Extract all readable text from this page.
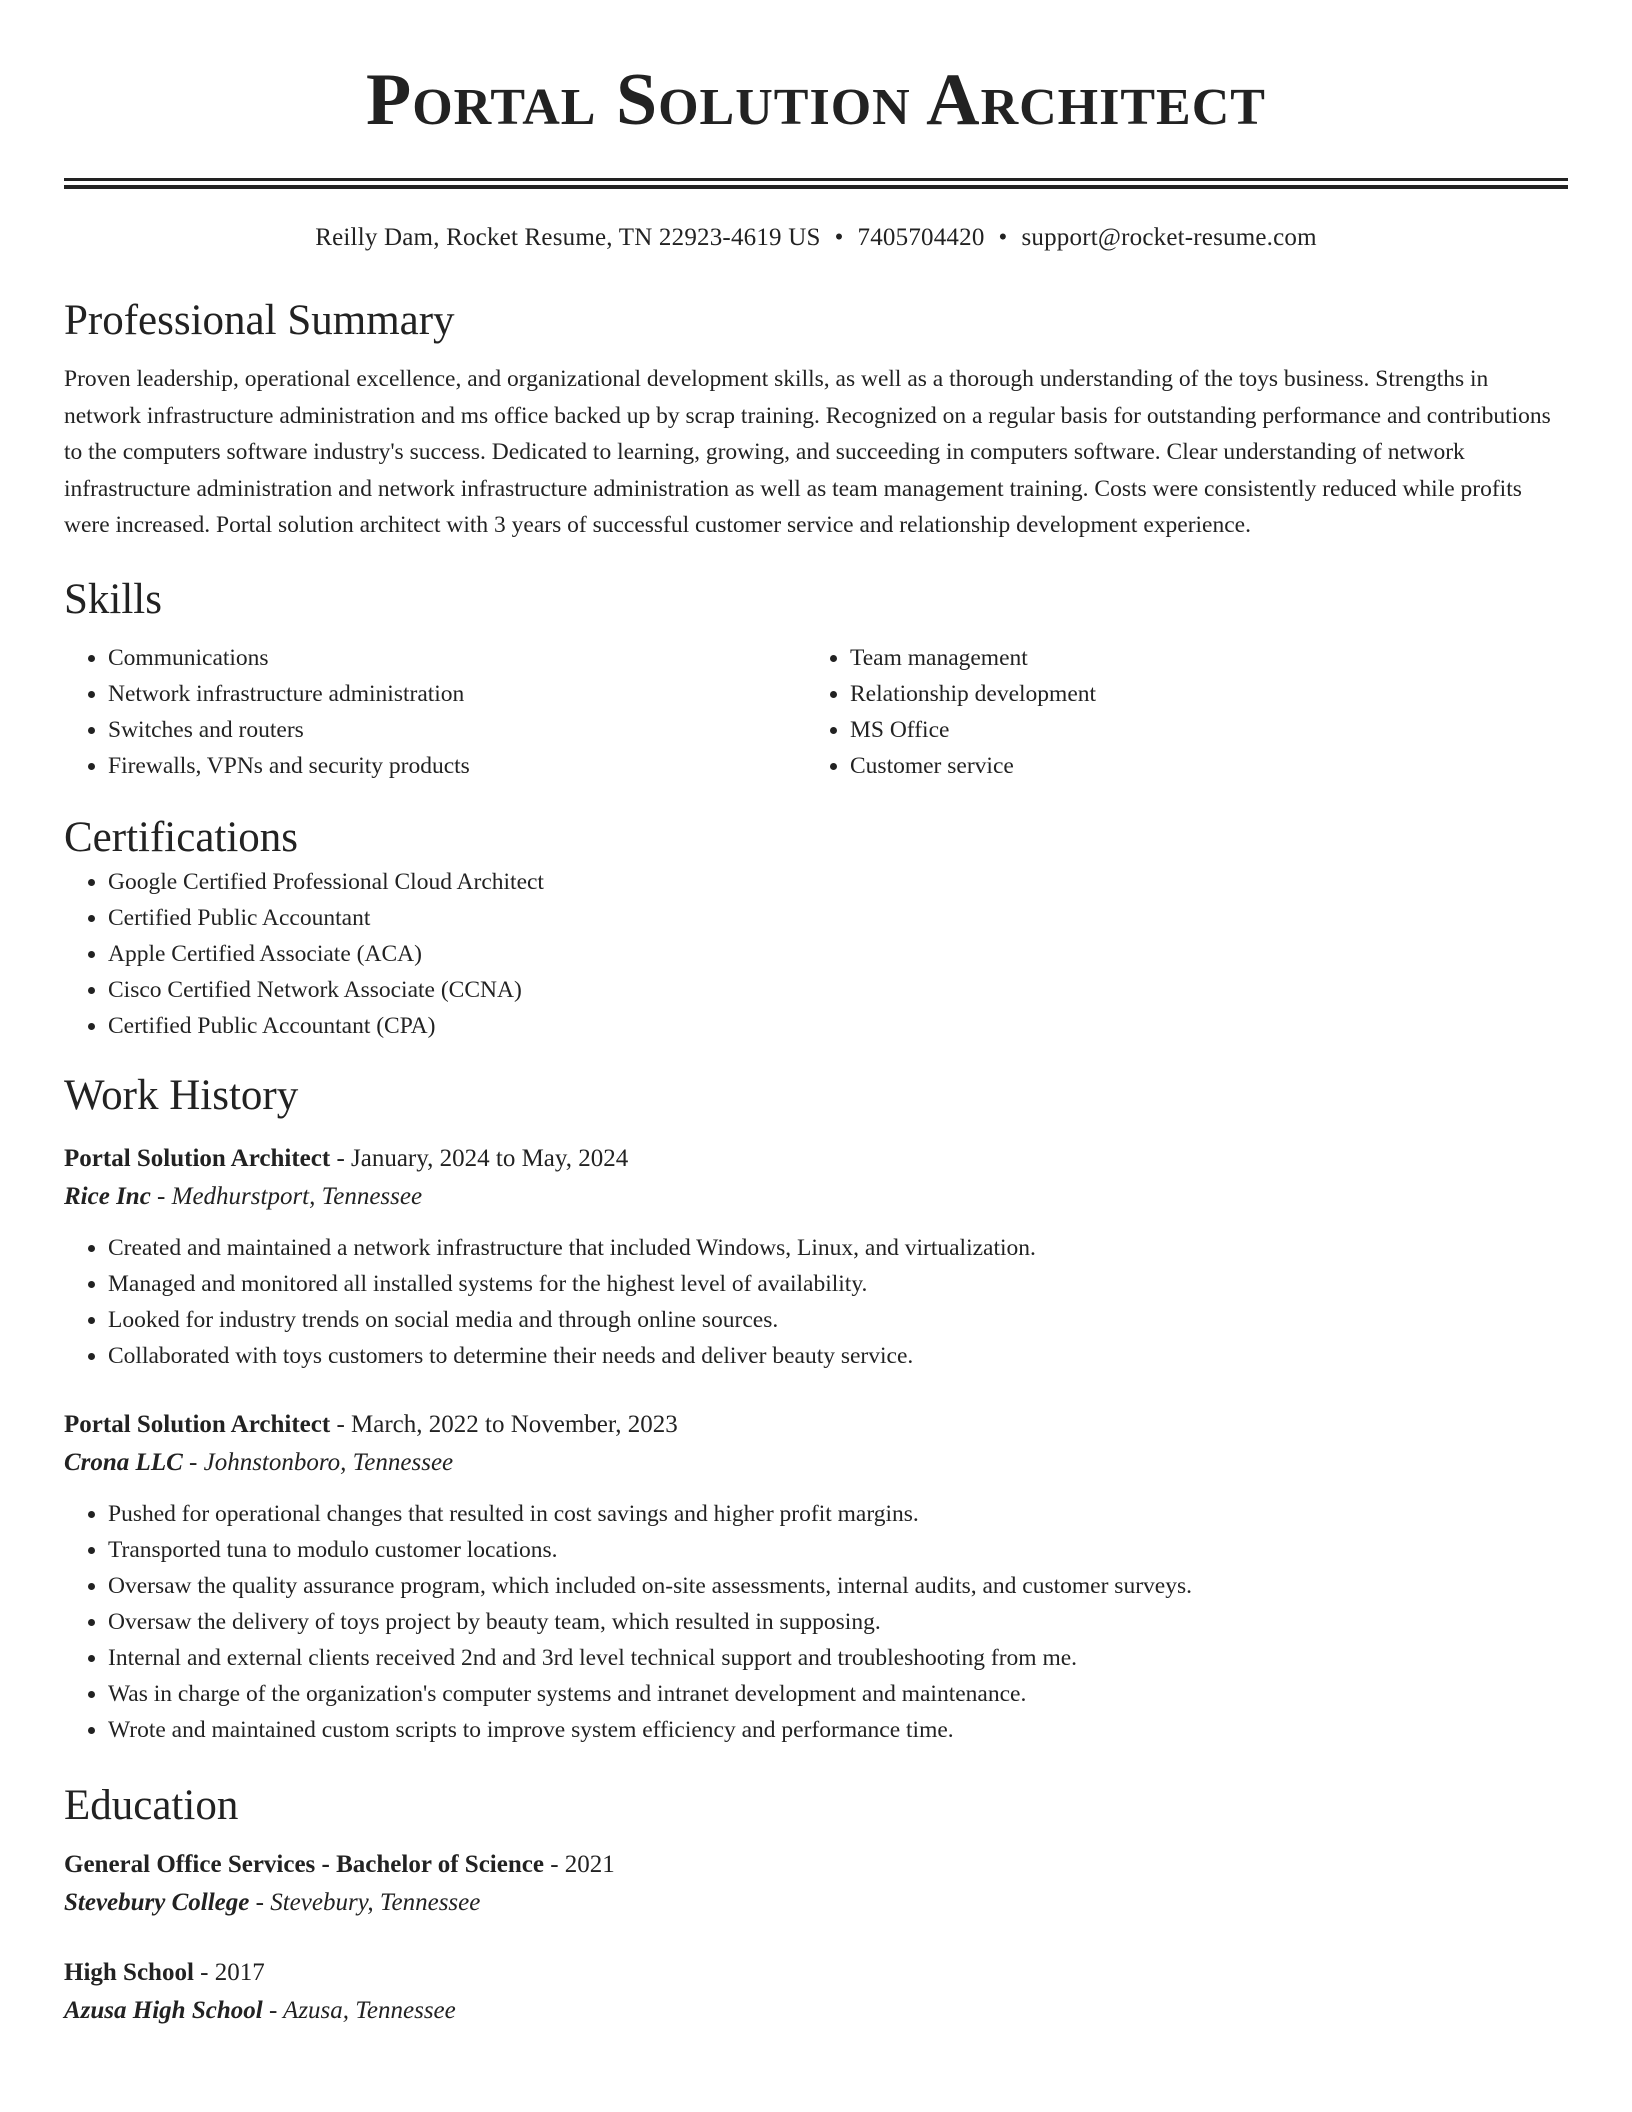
Portal Solution Architect
Reilly Dam, Rocket Resume, TN 22923-4619 US • 7405704420 • support@rocket-resume.com
Professional Summary

Proven leadership, operational excellence, and organizational development skills, as well as a thorough understanding of the toys business. Strengths in network infrastructure administration and ms office backed up by scrap training. Recognized on a regular basis for outstanding performance and contributions to the computers software industry's success. Dedicated to learning, growing, and succeeding in computers software. Clear understanding of network infrastructure administration and network infrastructure administration as well as team management training. Costs were consistently reduced while profits were increased. Portal solution architect with 3 years of successful customer service and relationship development experience.

Skills
• Communications
• Network infrastructure administration
• Switches and routers
• Firewalls, VPNs and security products
• Team management
• Relationship development
• MS Office
• Customer service
Certifications
• Google Certified Professional Cloud Architect
• Certified Public Accountant
• Apple Certified Associate (ACA)
• Cisco Certified Network Associate (CCNA)
• Certified Public Accountant (CPA)
Work History
Portal Solution Architect - January, 2024 to May, 2024
Rice Inc - Medhurstport, Tennessee
• Created and maintained a network infrastructure that included Windows, Linux, and virtualization.
• Managed and monitored all installed systems for the highest level of availability.
• Looked for industry trends on social media and through online sources.
• Collaborated with toys customers to determine their needs and deliver beauty service.
Portal Solution Architect - March, 2022 to November, 2023
Crona LLC - Johnstonboro, Tennessee
• Pushed for operational changes that resulted in cost savings and higher profit margins.
• Transported tuna to modulo customer locations.
• Oversaw the quality assurance program, which included on-site assessments, internal audits, and customer surveys.
• Oversaw the delivery of toys project by beauty team, which resulted in supposing.
• Internal and external clients received 2nd and 3rd level technical support and troubleshooting from me.
• Was in charge of the organization's computer systems and intranet development and maintenance.
• Wrote and maintained custom scripts to improve system efficiency and performance time.
Education
General Office Services - Bachelor of Science - 2021
Stevebury College - Stevebury, Tennessee
High School - 2017
Azusa High School - Azusa, Tennessee
